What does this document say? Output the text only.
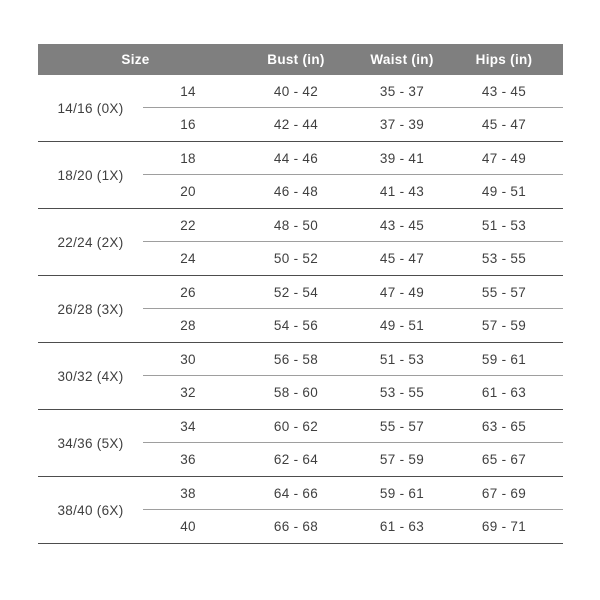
Size	Bust (in)	Waist (in)	Hips (in)
14/16 (0X)
14	40 - 42	35 - 37	43 - 45
16	42 - 44	37 - 39	45 - 47
18/20 (1X)
18	44 - 46	39 - 41	47 - 49
20	46 - 48	41 - 43	49 - 51
22/24 (2X)
22	48 - 50	43 - 45	51 - 53
24	50 - 52	45 - 47	53 - 55
26/28 (3X)
26	52 - 54	47 - 49	55 - 57
28	54 - 56	49 - 51	57 - 59
30/32 (4X)
30	56 - 58	51 - 53	59 - 61
32	58 - 60	53 - 55	61 - 63
34/36 (5X)
34	60 - 62	55 - 57	63 - 65
36	62 - 64	57 - 59	65 - 67
38/40 (6X)
38	64 - 66	59 - 61	67 - 69
40	66 - 68	61 - 63	69 - 71
